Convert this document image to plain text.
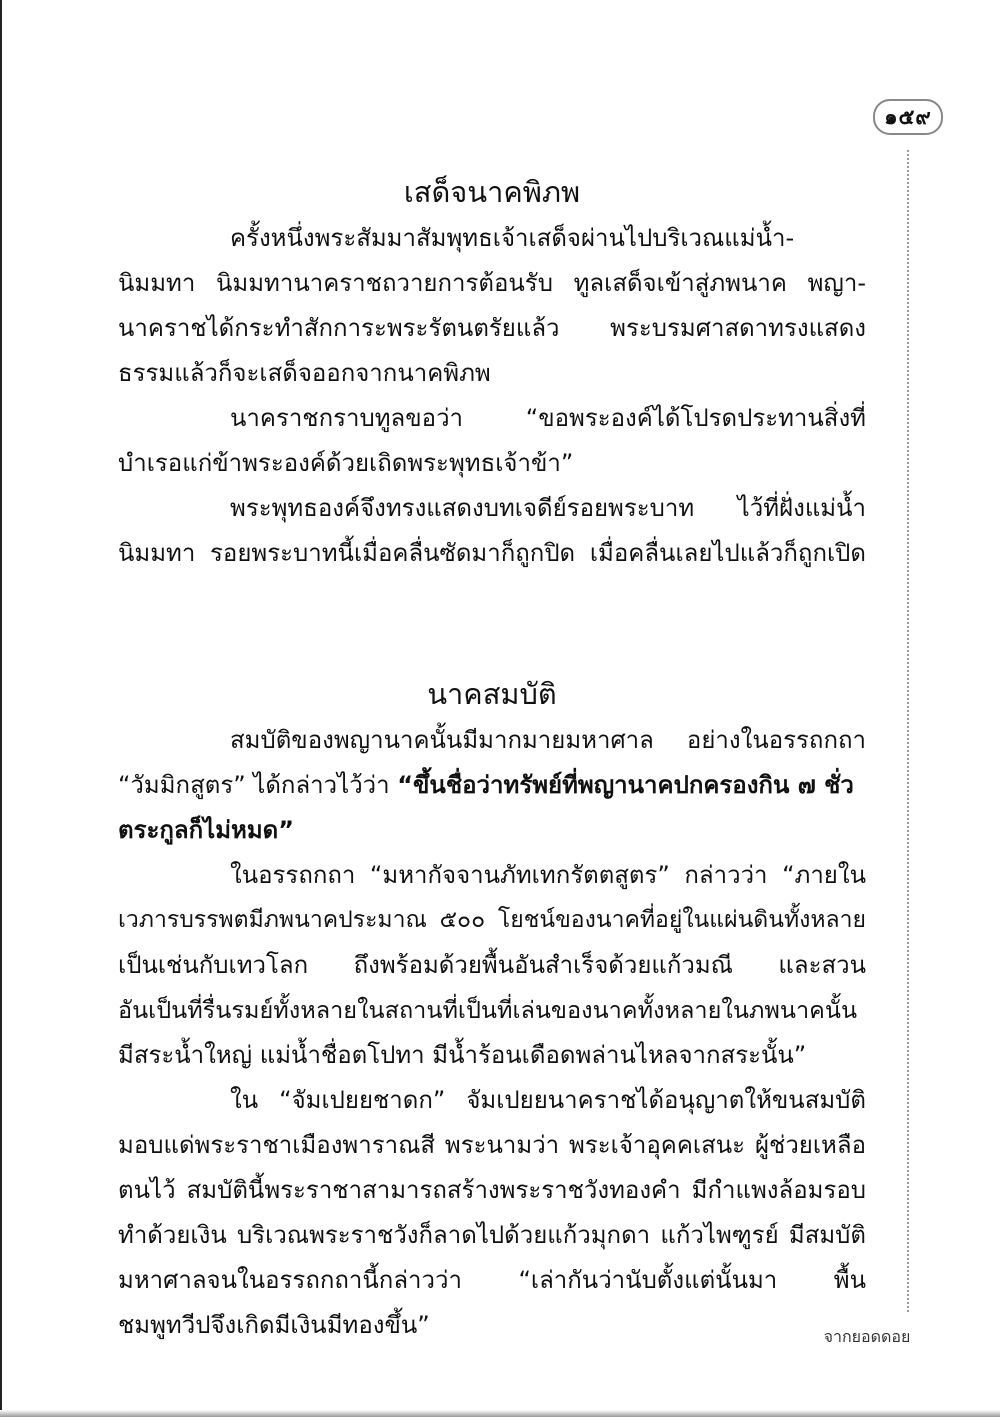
๑๕๙
เสด็จนาคพิภพ
ครั้งหนึ่งพระสัมมาสัมพุทธเจ้าเสด็จผ่านไปบริเวณแม่น้ำ-
นิมมทา นิมมทานาคราชถวายการต้อนรับ ทูลเสด็จเข้าสู่ภพนาค พญา-
นาคราชได้กระทำสักการะพระรัตนตรัยแล้ว พระบรมศาสดาทรงแสดง
ธรรมแล้วก็จะเสด็จออกจากนาคพิภพ
นาคราชกราบทูลขอว่า “ขอพระองค์ได้โปรดประทานสิ่งที่
บำเรอแก่ข้าพระองค์ด้วยเถิดพระพุทธเจ้าข้า”
พระพุทธองค์จึงทรงแสดงบทเจดีย์รอยพระบาท ไว้ที่ฝั่งแม่น้ำ
นิมมทา รอยพระบาทนี้เมื่อคลื่นซัดมาก็ถูกปิด เมื่อคลื่นเลยไปแล้วก็ถูกเปิด
นาคสมบัติ
สมบัติของพญานาคนั้นมีมากมายมหาศาล อย่างในอรรถกถา
“วัมมิกสูตร” ได้กล่าวไว้ว่า “ขึ้นชื่อว่าทรัพย์ที่พญานาคปกครองกิน ๗ ชั่ว
ตระกูลก็ไม่หมด”
ในอรรถกถา “มหากัจจานภัทเทกรัตตสูตร” กล่าวว่า “ภายใน
เวภารบรรพตมีภพนาคประมาณ ๕๐๐ โยชน์ของนาคที่อยู่ในแผ่นดินทั้งหลาย
เป็นเช่นกับเทวโลก ถึงพร้อมด้วยพื้นอันสำเร็จด้วยแก้วมณี และสวน
อันเป็นที่รื่นรมย์ทั้งหลายในสถานที่เป็นที่เล่นของนาคทั้งหลายในภพนาคนั้น
มีสระน้ำใหญ่ แม่น้ำชื่อตโปทา มีน้ำร้อนเดือดพล่านไหลจากสระนั้น”
ใน “จัมเปยยชาดก” จัมเปยยนาคราชได้อนุญาตให้ขนสมบัติ
มอบแด่พระราชาเมืองพาราณสี พระนามว่า พระเจ้าอุคคเสนะ ผู้ช่วยเหลือ
ตนไว้ สมบัตินี้พระราชาสามารถสร้างพระราชวังทองคำ มีกำแพงล้อมรอบ
ทำด้วยเงิน บริเวณพระราชวังก็ลาดไปด้วยแก้วมุกดา แก้วไพฑูรย์ มีสมบัติ
มหาศาลจนในอรรถกถานี้กล่าวว่า “เล่ากันว่านับตั้งแต่นั้นมา พื้น
ชมพูทวีปจึงเกิดมีเงินมีทองขึ้น”	จากยอดดอย
